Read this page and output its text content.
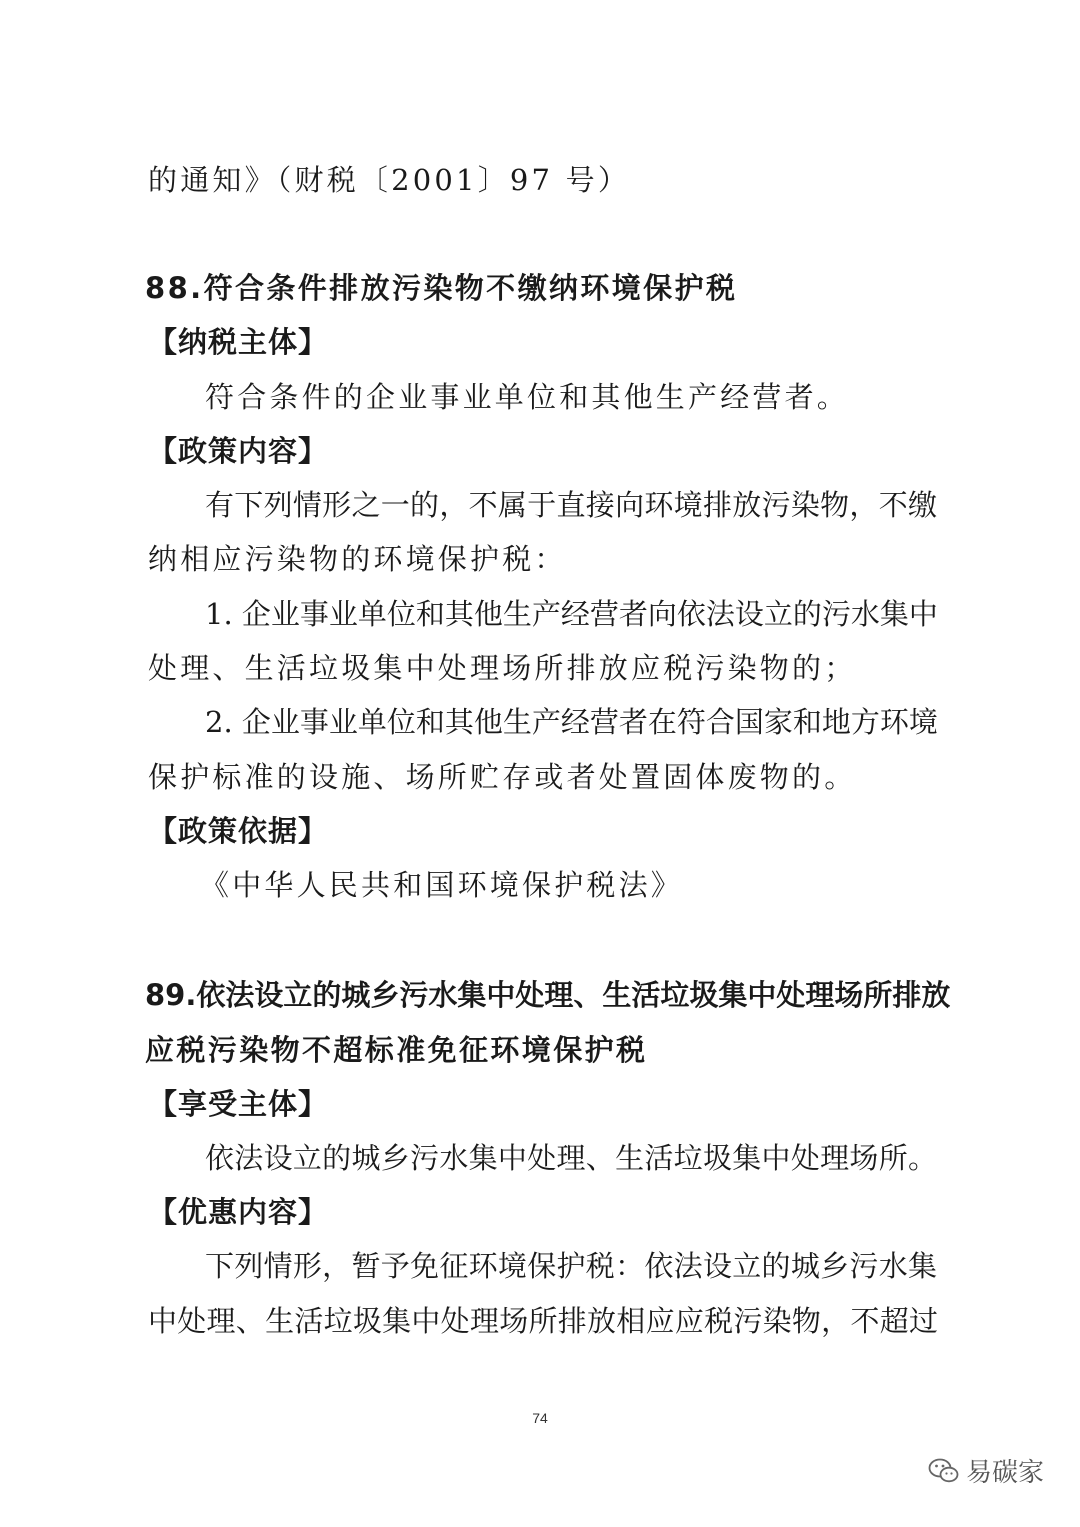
的通知》（财税〔2001〕97 号）
88.符合条件排放污染物不缴纳环境保护税
【纳税主体】
符合条件的企业事业单位和其他生产经营者。
【政策内容】
有下列情形之一的，不属于直接向环境排放污染物，不缴
纳相应污染物的环境保护税：
1. 企业事业单位和其他生产经营者向依法设立的污水集中
处理、生活垃圾集中处理场所排放应税污染物的；
2. 企业事业单位和其他生产经营者在符合国家和地方环境
保护标准的设施、场所贮存或者处置固体废物的。
【政策依据】
《中华人民共和国环境保护税法》
89.依法设立的城乡污水集中处理、生活垃圾集中处理场所排放
应税污染物不超标准免征环境保护税
【享受主体】
依法设立的城乡污水集中处理、生活垃圾集中处理场所。
【优惠内容】
下列情形，暂予免征环境保护税：依法设立的城乡污水集
中处理、生活垃圾集中处理场所排放相应应税污染物，不超过
74
易碳家
